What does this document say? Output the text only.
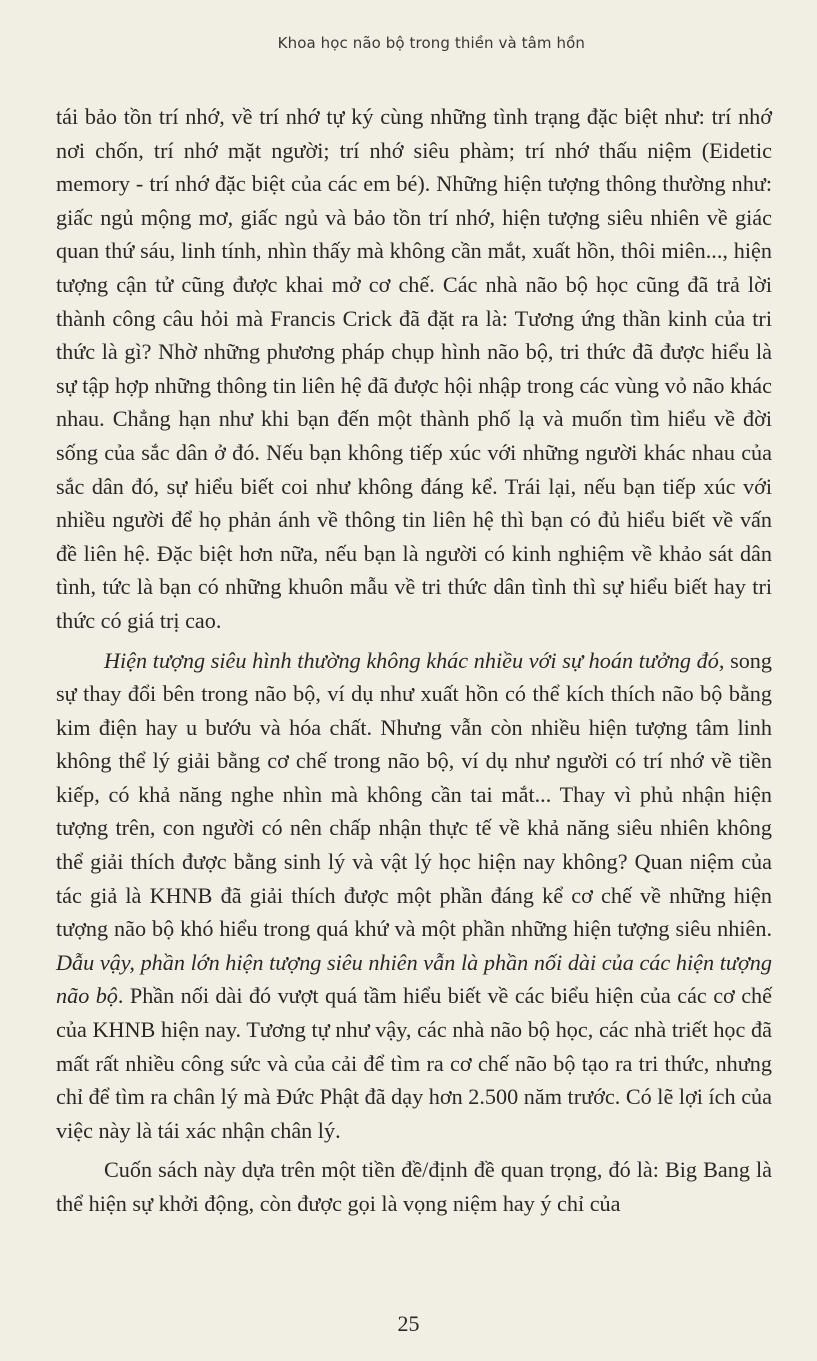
Khoa học não bộ trong thiền và tâm hồn

tái bảo tồn trí nhớ, về trí nhớ tự ký cùng những tình trạng đặc biệt như: trí nhớ nơi chốn, trí nhớ mặt người; trí nhớ siêu phàm; trí nhớ thấu niệm (Eidetic memory - trí nhớ đặc biệt của các em bé). Những hiện tượng thông thường như: giấc ngủ mộng mơ, giấc ngủ và bảo tồn trí nhớ, hiện tượng siêu nhiên về giác quan thứ sáu, linh tính, nhìn thấy mà không cần mắt, xuất hồn, thôi miên..., hiện tượng cận tử cũng được khai mở cơ chế. Các nhà não bộ học cũng đã trả lời thành công câu hỏi mà Francis Crick đã đặt ra là: Tương ứng thần kinh của tri thức là gì? Nhờ những phương pháp chụp hình não bộ, tri thức đã được hiểu là sự tập hợp những thông tin liên hệ đã được hội nhập trong các vùng vỏ não khác nhau. Chẳng hạn như khi bạn đến một thành phố lạ và muốn tìm hiểu về đời sống của sắc dân ở đó. Nếu bạn không tiếp xúc với những người khác nhau của sắc dân đó, sự hiểu biết coi như không đáng kể. Trái lại, nếu bạn tiếp xúc với nhiều người để họ phản ánh về thông tin liên hệ thì bạn có đủ hiểu biết về vấn đề liên hệ. Đặc biệt hơn nữa, nếu bạn là người có kinh nghiệm về khảo sát dân tình, tức là bạn có những khuôn mẫu về tri thức dân tình thì sự hiểu biết hay tri thức có giá trị cao.

Hiện tượng siêu hình thường không khác nhiều với sự hoán tưởng đó, song sự thay đổi bên trong não bộ, ví dụ như xuất hồn có thể kích thích não bộ bằng kim điện hay u bướu và hóa chất. Nhưng vẫn còn nhiều hiện tượng tâm linh không thể lý giải bằng cơ chế trong não bộ, ví dụ như người có trí nhớ về tiền kiếp, có khả năng nghe nhìn mà không cần tai mắt... Thay vì phủ nhận hiện tượng trên, con người có nên chấp nhận thực tế về khả năng siêu nhiên không thể giải thích được bằng sinh lý và vật lý học hiện nay không? Quan niệm của tác giả là KHNB đã giải thích được một phần đáng kể cơ chế về những hiện tượng não bộ khó hiểu trong quá khứ và một phần những hiện tượng siêu nhiên. Dẫu vậy, phần lớn hiện tượng siêu nhiên vẫn là phần nối dài của các hiện tượng não bộ. Phần nối dài đó vượt quá tầm hiểu biết về các biểu hiện của các cơ chế của KHNB hiện nay. Tương tự như vậy, các nhà não bộ học, các nhà triết học đã mất rất nhiều công sức và của cải để tìm ra cơ chế não bộ tạo ra tri thức, nhưng chỉ để tìm ra chân lý mà Đức Phật đã dạy hơn 2.500 năm trước. Có lẽ lợi ích của việc này là tái xác nhận chân lý.

Cuốn sách này dựa trên một tiền đề/định đề quan trọng, đó là: Big Bang là thể hiện sự khởi động, còn được gọi là vọng niệm hay ý chỉ của

25
